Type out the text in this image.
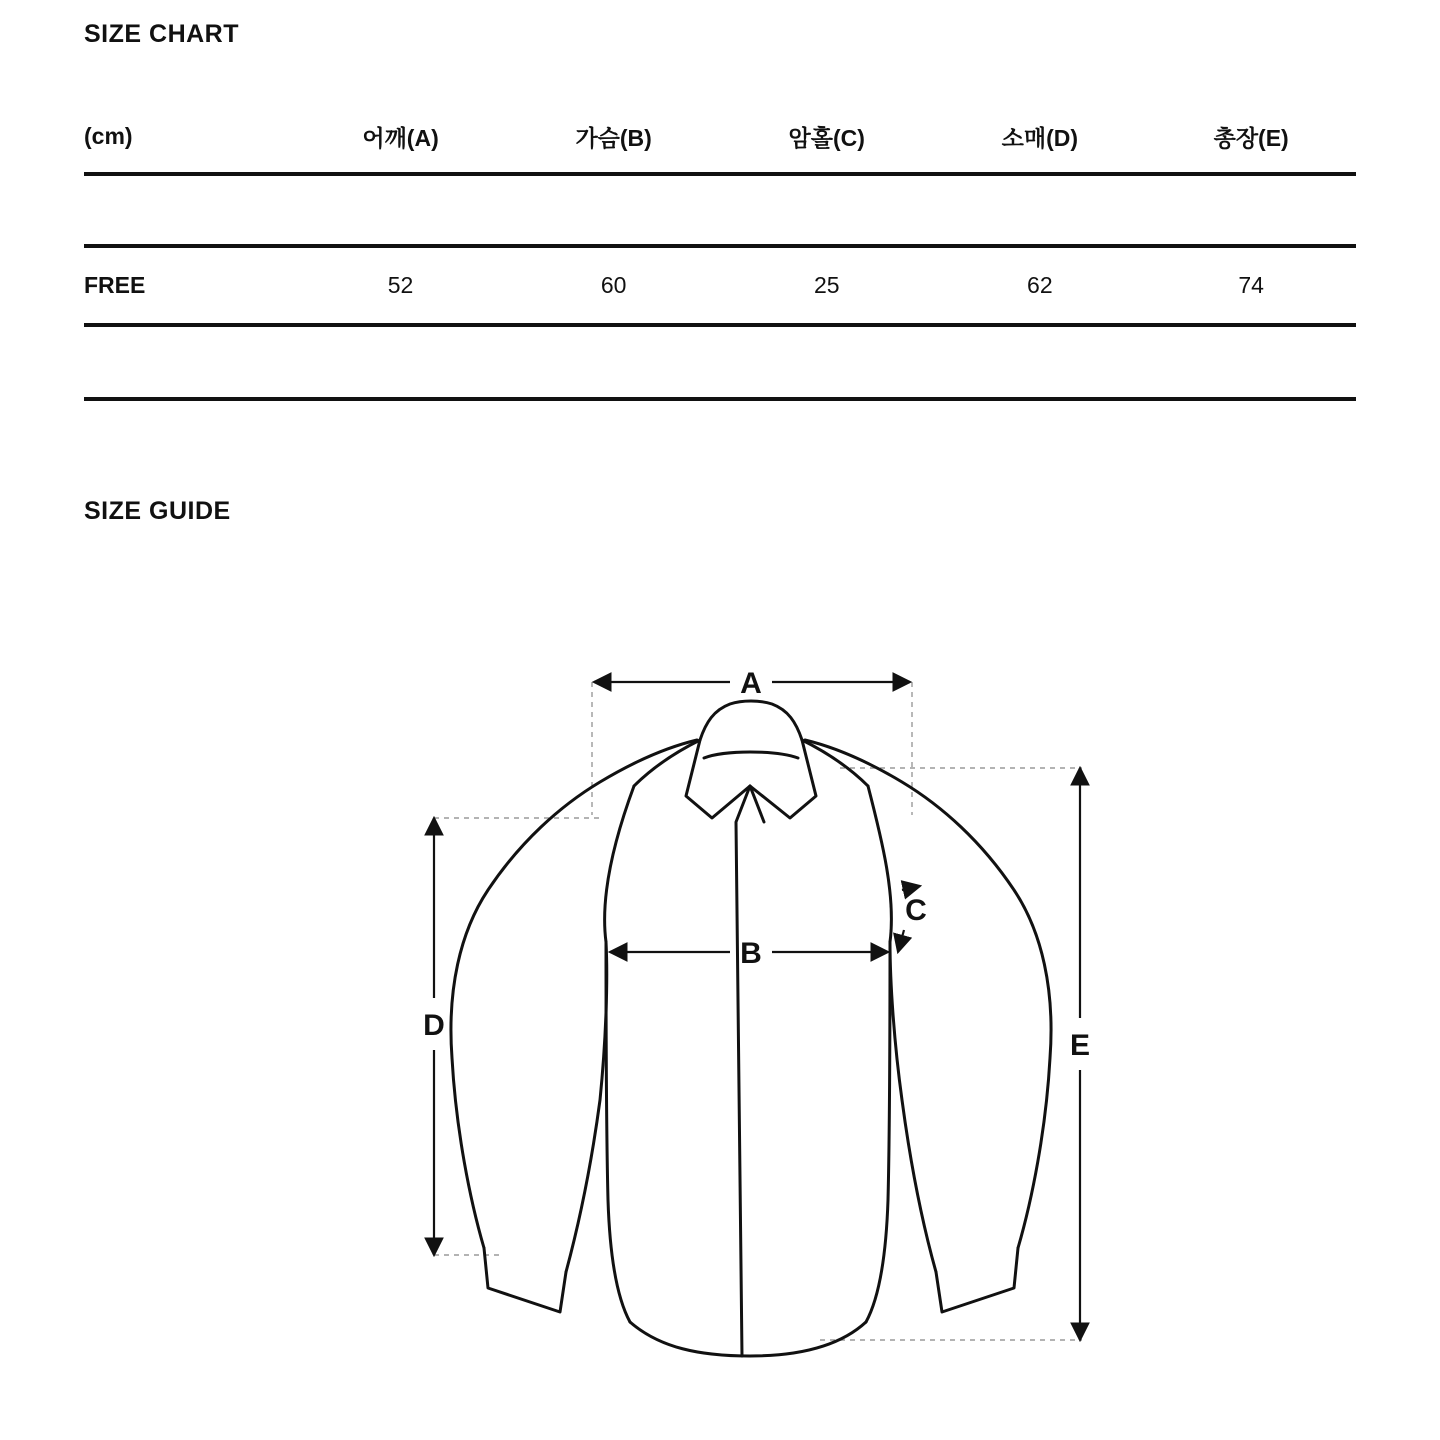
SIZE CHART
(cm)	어깨(A)	가슴(B)	암홀(C)	소매(D)	총장(E)

FREE	52	60	25	62	74

SIZE GUIDE
A
B
C
D
E
